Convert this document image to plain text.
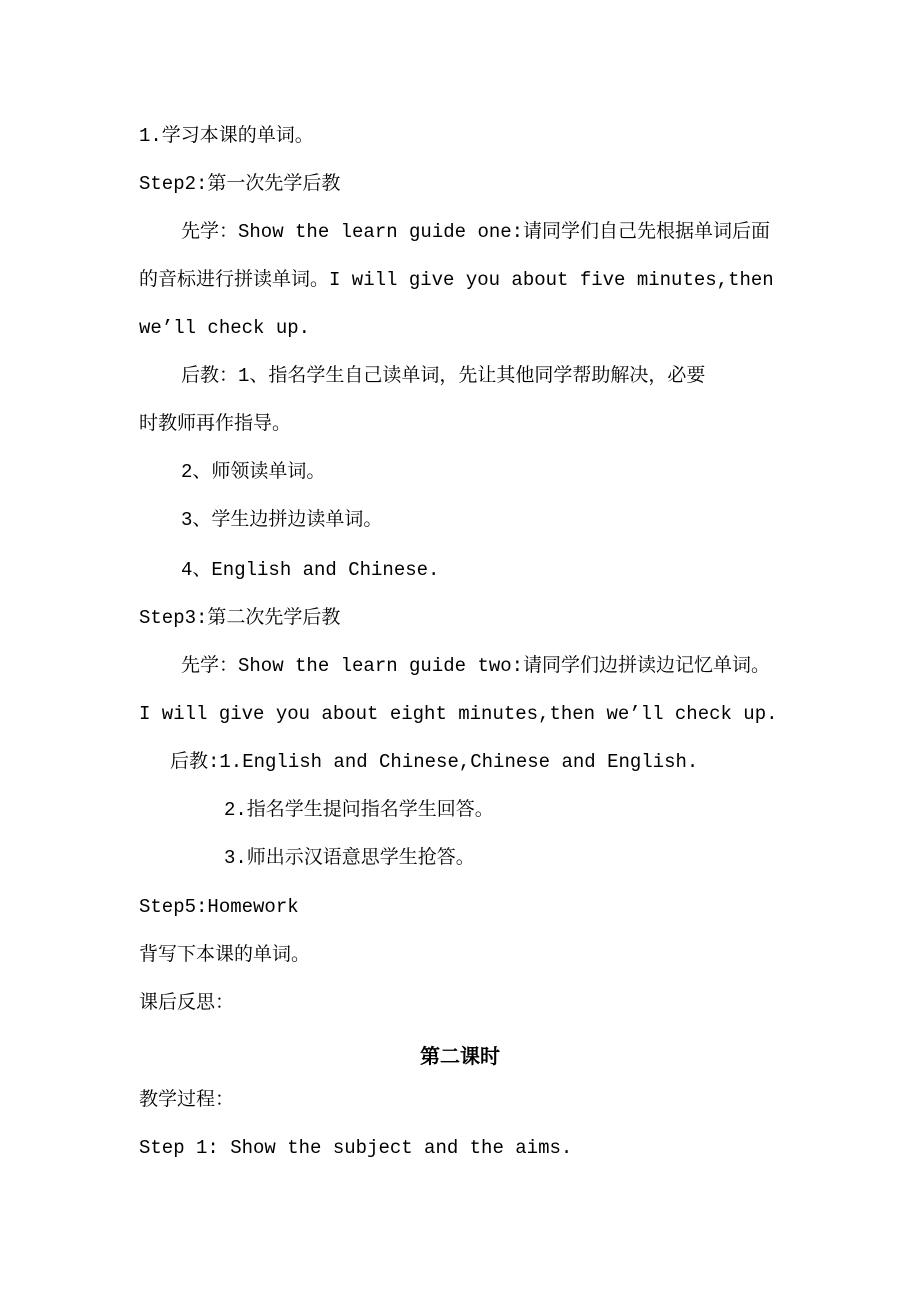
1.学习本课的单词。
Step2:第一次先学后教
先学：Show the learn guide one:请同学们自己先根据单词后面
的音标进行拼读单词。I will give you about five minutes,then
we’ll check up.
后教：1、指名学生自己读单词，先让其他同学帮助解决，必要
时教师再作指导。
2、师领读单词。
3、学生边拼边读单词。
4、English and Chinese.
Step3:第二次先学后教
先学：Show the learn guide two:请同学们边拼读边记忆单词。
I will give you about eight minutes,then we’ll check up.
后教:1.English and Chinese,Chinese and English.
2.指名学生提问指名学生回答。
3.师出示汉语意思学生抢答。
Step5:Homework
背写下本课的单词。
课后反思：
第二课时
教学过程：
Step 1: Show the subject and the aims.
